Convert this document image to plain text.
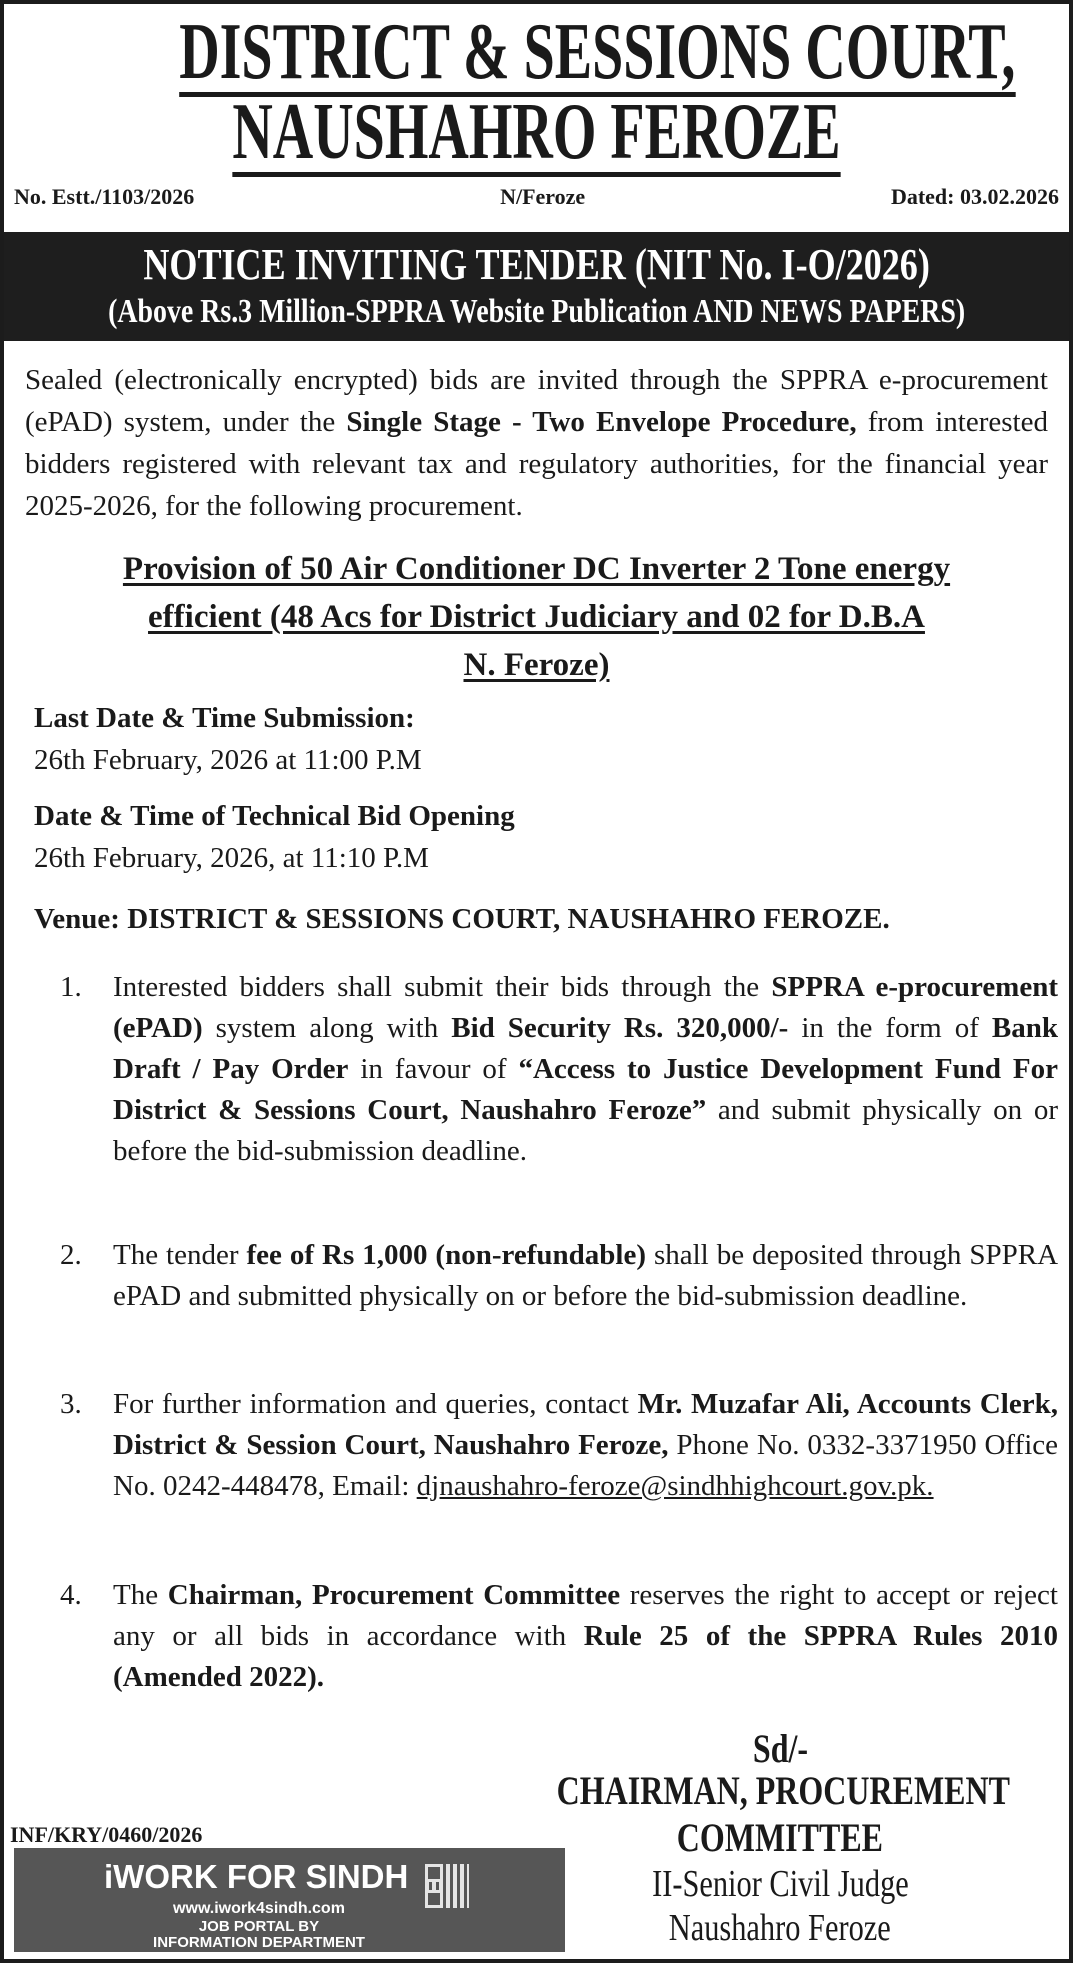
DISTRICT & SESSIONS COURT,
NAUSHAHRO FEROZE
No. Estt./1103/2026	N/Feroze	Dated: 03.02.2026
NOTICE INVITING TENDER (NIT No. I-O/2026)
(Above Rs.3 Million-SPPRA Website Publication AND NEWS PAPERS)
Sealed (electronically encrypted) bids are invited through the SPPRA e-procurement (ePAD) system, under the Single Stage - Two Envelope Procedure, from interested bidders registered with relevant tax and regulatory authorities, for the financial year 2025-2026, for the following procurement.
Provision of 50 Air Conditioner DC Inverter 2 Tone energy
efficient (48 Acs for District Judiciary and 02 for D.B.A
N. Feroze)
Last Date & Time Submission:
26th February, 2026 at 11:00 P.M
Date & Time of Technical Bid Opening
Venue: DISTRICT & SESSIONS COURT, NAUSHAHRO FEROZE.
26th February, 2026, at 11:10 P.M
1.	Interested bidders shall submit their bids through the SPPRA e-procurement (ePAD) system along with Bid Security Rs. 320,000/- in the form of Bank Draft / Pay Order in favour of “Access to Justice Development Fund For District & Sessions Court, Naushahro Feroze” and submit physically on or before the bid-submission deadline.
2.	The tender fee of Rs 1,000 (non-refundable) shall be deposited through SPPRA ePAD and submitted physically on or before the bid-submission deadline.
3.	For further information and queries, contact Mr. Muzafar Ali, Accounts Clerk, District & Session Court, Naushahro Feroze, Phone No. 0332-3371950 Office No. 0242-448478, Email: djnaushahro-feroze@sindhhighcourt.gov.pk.
4.	The Chairman, Procurement Committee reserves the right to accept or reject any or all bids in accordance with Rule 25 of the SPPRA Rules 2010 (Amended 2022).
Sd/-
CHAIRMAN, PROCUREMENT
COMMITTEE
II-Senior Civil Judge
Naushahro Feroze
INF/KRY/0460/2026
iWORK FOR SINDH
www.iwork4sindh.com
JOB PORTAL BY
INFORMATION DEPARTMENT
